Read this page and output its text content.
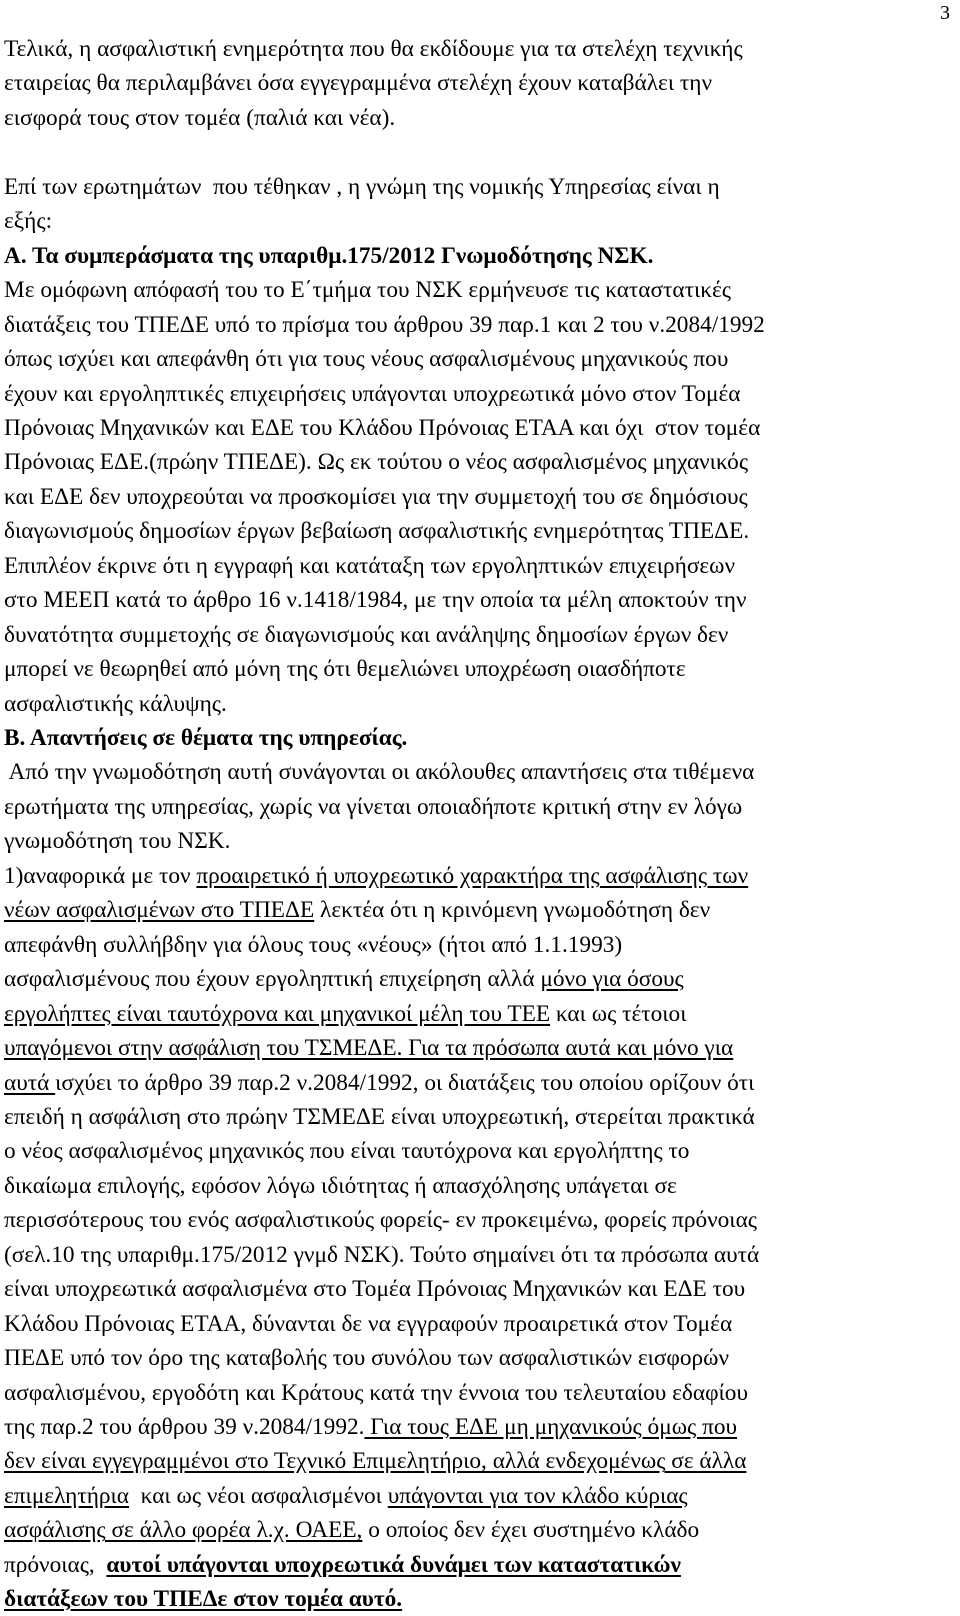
3
Τελικά, η ασφαλιστική ενημερότητα που θα εκδίδουμε για τα στελέχη τεχνικής
εταιρείας θα περιλαμβάνει όσα εγγεγραμμένα στελέχη έχουν καταβάλει την
εισφορά τους στον τομέα (παλιά και νέα).
Επί των ερωτημάτων  που τέθηκαν , η γνώμη της νομικής Υπηρεσίας είναι η
εξής:
Α. Τα συμπεράσματα της υπαριθμ.175/2012 Γνωμοδότησης ΝΣΚ.
Με ομόφωνη απόφασή του το Ε΄τμήμα του ΝΣΚ ερμήνευσε τις καταστατικές
διατάξεις του ΤΠΕΔΕ υπό το πρίσμα του άρθρου 39 παρ.1 και 2 του ν.2084/1992
όπως ισχύει και απεφάνθη ότι για τους νέους ασφαλισμένους μηχανικούς που
έχουν και εργοληπτικές επιχειρήσεις υπάγονται υποχρεωτικά μόνο στον Τομέα
Πρόνοιας Μηχανικών και ΕΔΕ του Κλάδου Πρόνοιας ΕΤΑΑ και όχι  στον τομέα
Πρόνοιας ΕΔΕ.(πρώην ΤΠΕΔΕ). Ως εκ τούτου ο νέος ασφαλισμένος μηχανικός
και ΕΔΕ δεν υποχρεούται να προσκομίσει για την συμμετοχή του σε δημόσιους
διαγωνισμούς δημοσίων έργων βεβαίωση ασφαλιστικής ενημερότητας ΤΠΕΔΕ.
Επιπλέον έκρινε ότι η εγγραφή και κατάταξη των εργοληπτικών επιχειρήσεων
στο ΜΕΕΠ κατά το άρθρο 16 ν.1418/1984, με την οποία τα μέλη αποκτούν την
δυνατότητα συμμετοχής σε διαγωνισμούς και ανάληψης δημοσίων έργων δεν
μπορεί νε θεωρηθεί από μόνη της ότι θεμελιώνει υποχρέωση οιασδήποτε
ασφαλιστικής κάλυψης.
Β. Απαντήσεις σε θέματα της υπηρεσίας.
Από την γνωμοδότηση αυτή συνάγονται οι ακόλουθες απαντήσεις στα τιθέμενα
ερωτήματα της υπηρεσίας, χωρίς να γίνεται οποιαδήποτε κριτική στην εν λόγω
γνωμοδότηση του ΝΣΚ.
1)αναφορικά με τον προαιρετικό ή υποχρεωτικό χαρακτήρα της ασφάλισης των
νέων ασφαλισμένων στο ΤΠΕΔΕ λεκτέα ότι η κρινόμενη γνωμοδότηση δεν
απεφάνθη συλλήβδην για όλους τους «νέους» (ήτοι από 1.1.1993)
ασφαλισμένους που έχουν εργοληπτική επιχείρηση αλλά μόνο για όσους
εργολήπτες είναι ταυτόχρονα και μηχανικοί μέλη του ΤΕΕ και ως τέτοιοι
υπαγόμενοι στην ασφάλιση του ΤΣΜΕΔΕ. Για τα πρόσωπα αυτά και μόνο για
αυτά ισχύει το άρθρο 39 παρ.2 ν.2084/1992, οι διατάξεις του οποίου ορίζουν ότι
επειδή η ασφάλιση στο πρώην ΤΣΜΕΔΕ είναι υποχρεωτική, στερείται πρακτικά
ο νέος ασφαλισμένος μηχανικός που είναι ταυτόχρονα και εργολήπτης το
δικαίωμα επιλογής, εφόσον λόγω ιδιότητας ή απασχόλησης υπάγεται σε
περισσότερους του ενός ασφαλιστικούς φορείς- εν προκειμένω, φορείς πρόνοιας
(σελ.10 της υπαριθμ.175/2012 γνμδ ΝΣΚ). Τούτο σημαίνει ότι τα πρόσωπα αυτά
είναι υποχρεωτικά ασφαλισμένα στο Τομέα Πρόνοιας Μηχανικών και ΕΔΕ του
Κλάδου Πρόνοιας ΕΤΑΑ, δύνανται δε να εγγραφούν προαιρετικά στον Τομέα
ΠΕΔΕ υπό τον όρο της καταβολής του συνόλου των ασφαλιστικών εισφορών
ασφαλισμένου, εργοδότη και Κράτους κατά την έννοια του τελευταίου εδαφίου
της παρ.2 του άρθρου 39 ν.2084/1992. Για τους ΕΔΕ μη μηχανικούς όμως που
δεν είναι εγγεγραμμένοι στο Τεχνικό Επιμελητήριο, αλλά ενδεχομένως σε άλλα
επιμελητήρια  και ως νέοι ασφαλισμένοι υπάγονται για τον κλάδο κύριας
ασφάλισης σε άλλο φορέα λ.χ. ΟΑΕΕ, ο οποίος δεν έχει συστημένο κλάδο
πρόνοιας,  αυτοί υπάγονται υποχρεωτικά δυνάμει των καταστατικών
διατάξεων του ΤΠΕΔε στον τομέα αυτό.
